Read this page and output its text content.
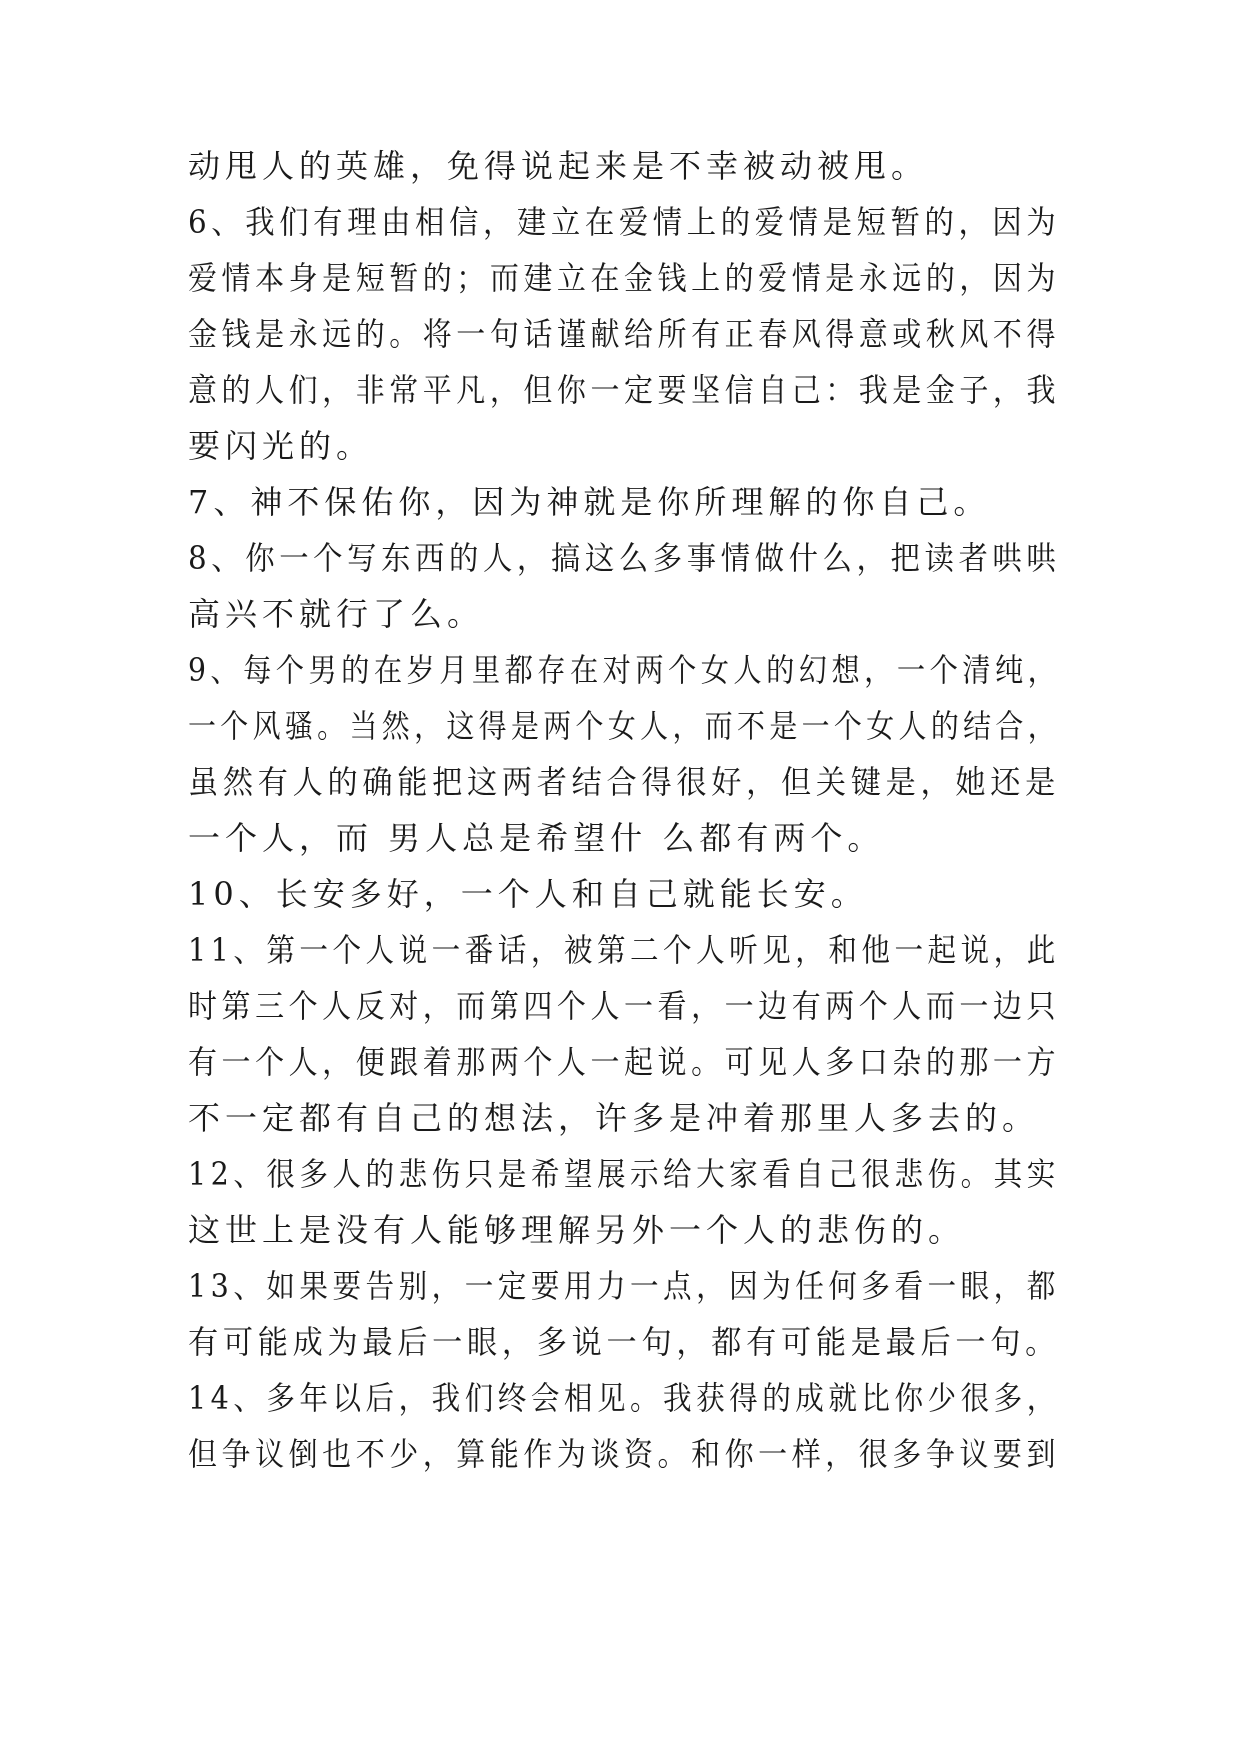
动甩人的英雄，免得说起来是不幸被动被甩。

6、我们有理由相信，建立在爱情上的爱情是短暂的，因为

爱情本身是短暂的；而建立在金钱上的爱情是永远的，因为

金钱是永远的。将一句话谨献给所有正春风得意或秋风不得

意的人们，非常平凡，但你一定要坚信自己：我是金子，我

要闪光的。

7、神不保佑你，因为神就是你所理解的你自己。

8、你一个写东西的人，搞这么多事情做什么，把读者哄哄

高兴不就行了么。

9、每个男的在岁月里都存在对两个女人的幻想，一个清纯，

一个风骚。当然，这得是两个女人，而不是一个女人的结合，

虽然有人的确能把这两者结合得很好，但关键是，她还是

一个人，而 男人总是希望什 么都有两个。

10、长安多好，一个人和自己就能长安。

11、第一个人说一番话，被第二个人听见，和他一起说，此

时第三个人反对，而第四个人一看，一边有两个人而一边只

有一个人，便跟着那两个人一起说。可见人多口杂的那一方

不一定都有自己的想法，许多是冲着那里人多去的。

12、很多人的悲伤只是希望展示给大家看自己很悲伤。其实

这世上是没有人能够理解另外一个人的悲伤的。

13、如果要告别，一定要用力一点，因为任何多看一眼，都

有可能成为最后一眼，多说一句，都有可能是最后一句。

14、多年以后，我们终会相见。我获得的成就比你少很多，

但争议倒也不少，算能作为谈资。和你一样，很多争议要到
